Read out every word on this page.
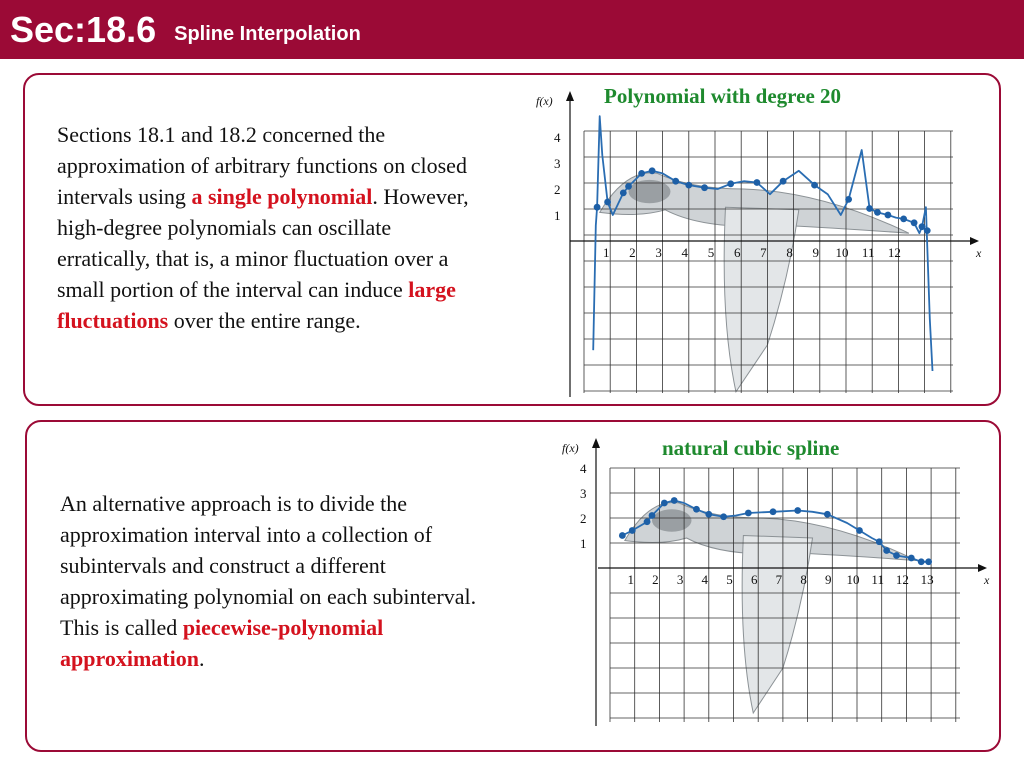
Sec:18.6 Spline Interpolation
Sections 18.1 and 18.2 concerned the approximation of arbitrary functions on closed intervals using a single polynomial. However, high-degree polynomials can oscillate erratically, that is, a minor fluctuation over a small portion of the interval can induce large fluctuations over the entire range.
f(x)
x
1 2 3 4 5 6 7 8 9 10 11 12
1
2
3
4
Polynomial with degree 20
An alternative approach is to divide the approximation interval into a collection of subintervals and construct a different approximating polynomial on each subinterval. This is called piecewise-polynomial approximation.
f(x)
x
1 2 3 4 5 6 7 8 9 10 11 12 13
1
2
3
4
natural cubic spline
